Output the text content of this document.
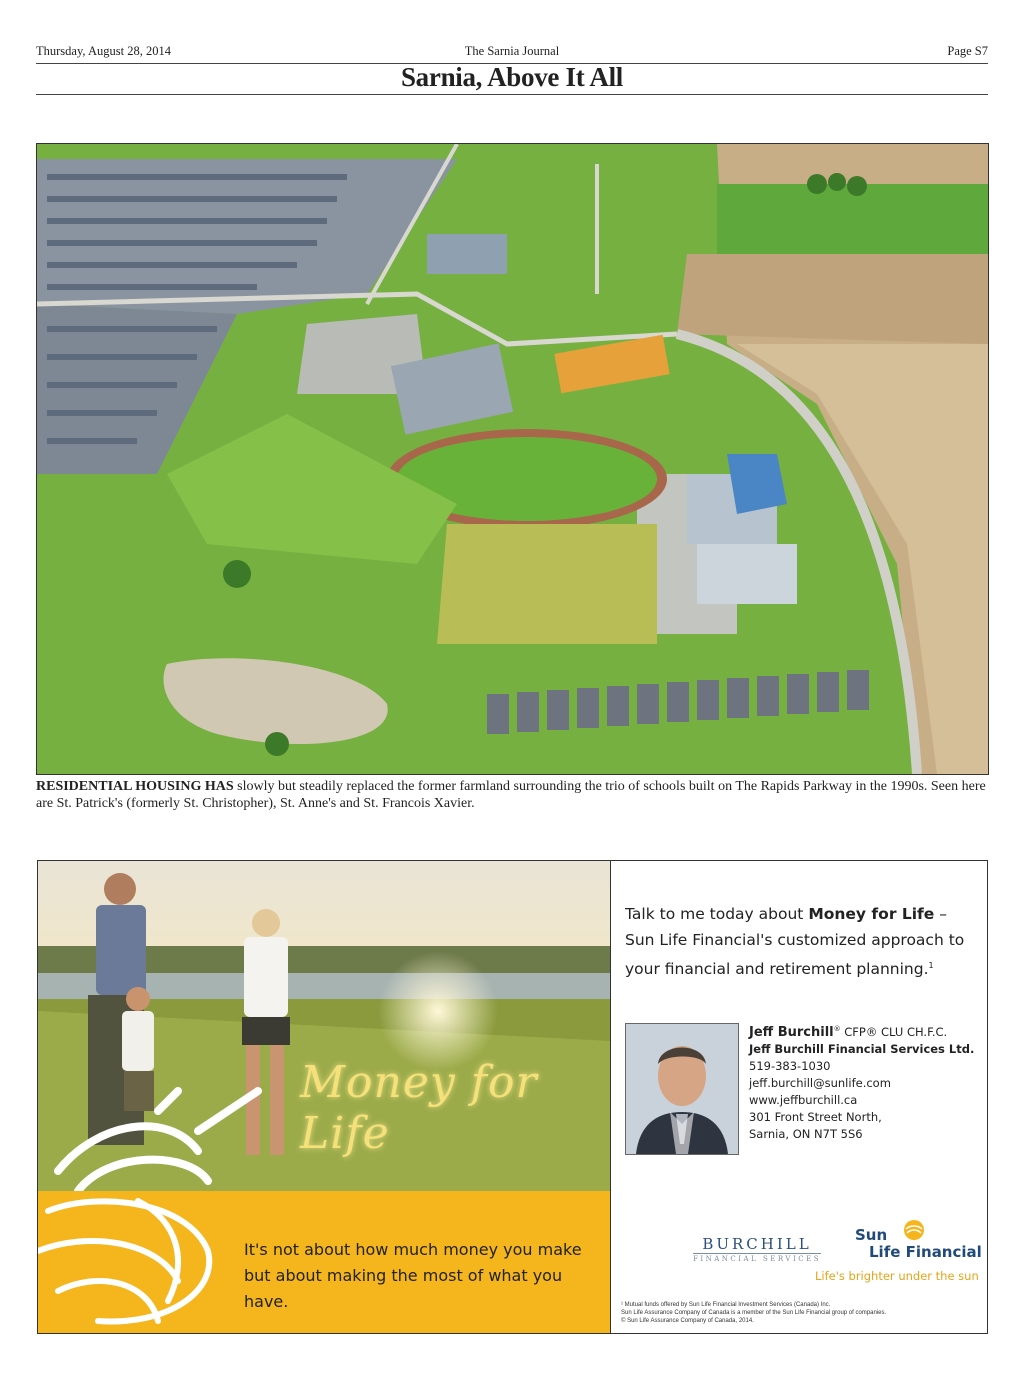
Thursday, August 28, 2014	The Sarnia Journal	Page S7
Sarnia, Above It All
RESIDENTIAL HOUSING HAS slowly but steadily replaced the former farmland surrounding the trio of schools built on The Rapids Parkway in the 1990s. Seen here are St. Patrick's (formerly St. Christopher), St. Anne's and St. Francois Xavier.
Money for Life
It's not about how much money you make
but about making the most of what you have.
Talk to me today about Money for Life –
Sun Life Financial's customized approach to
your financial and retirement planning.$^1$
Jeff Burchill® CFP® CLU CH.F.C.
Jeff Burchill Financial Services Ltd.
519-383-1030
jeff.burchill@sunlife.com
www.jeffburchill.ca
301 Front Street North,
Sarnia, ON N7T 5S6
BURCHILL
FINANCIAL SERVICES
Sun
Life Financial
Life's brighter under the sun
¹ Mutual funds offered by Sun Life Financial Investment Services (Canada) Inc.
Sun Life Assurance Company of Canada is a member of the Sun Life Financial group of companies.
© Sun Life Assurance Company of Canada, 2014.
